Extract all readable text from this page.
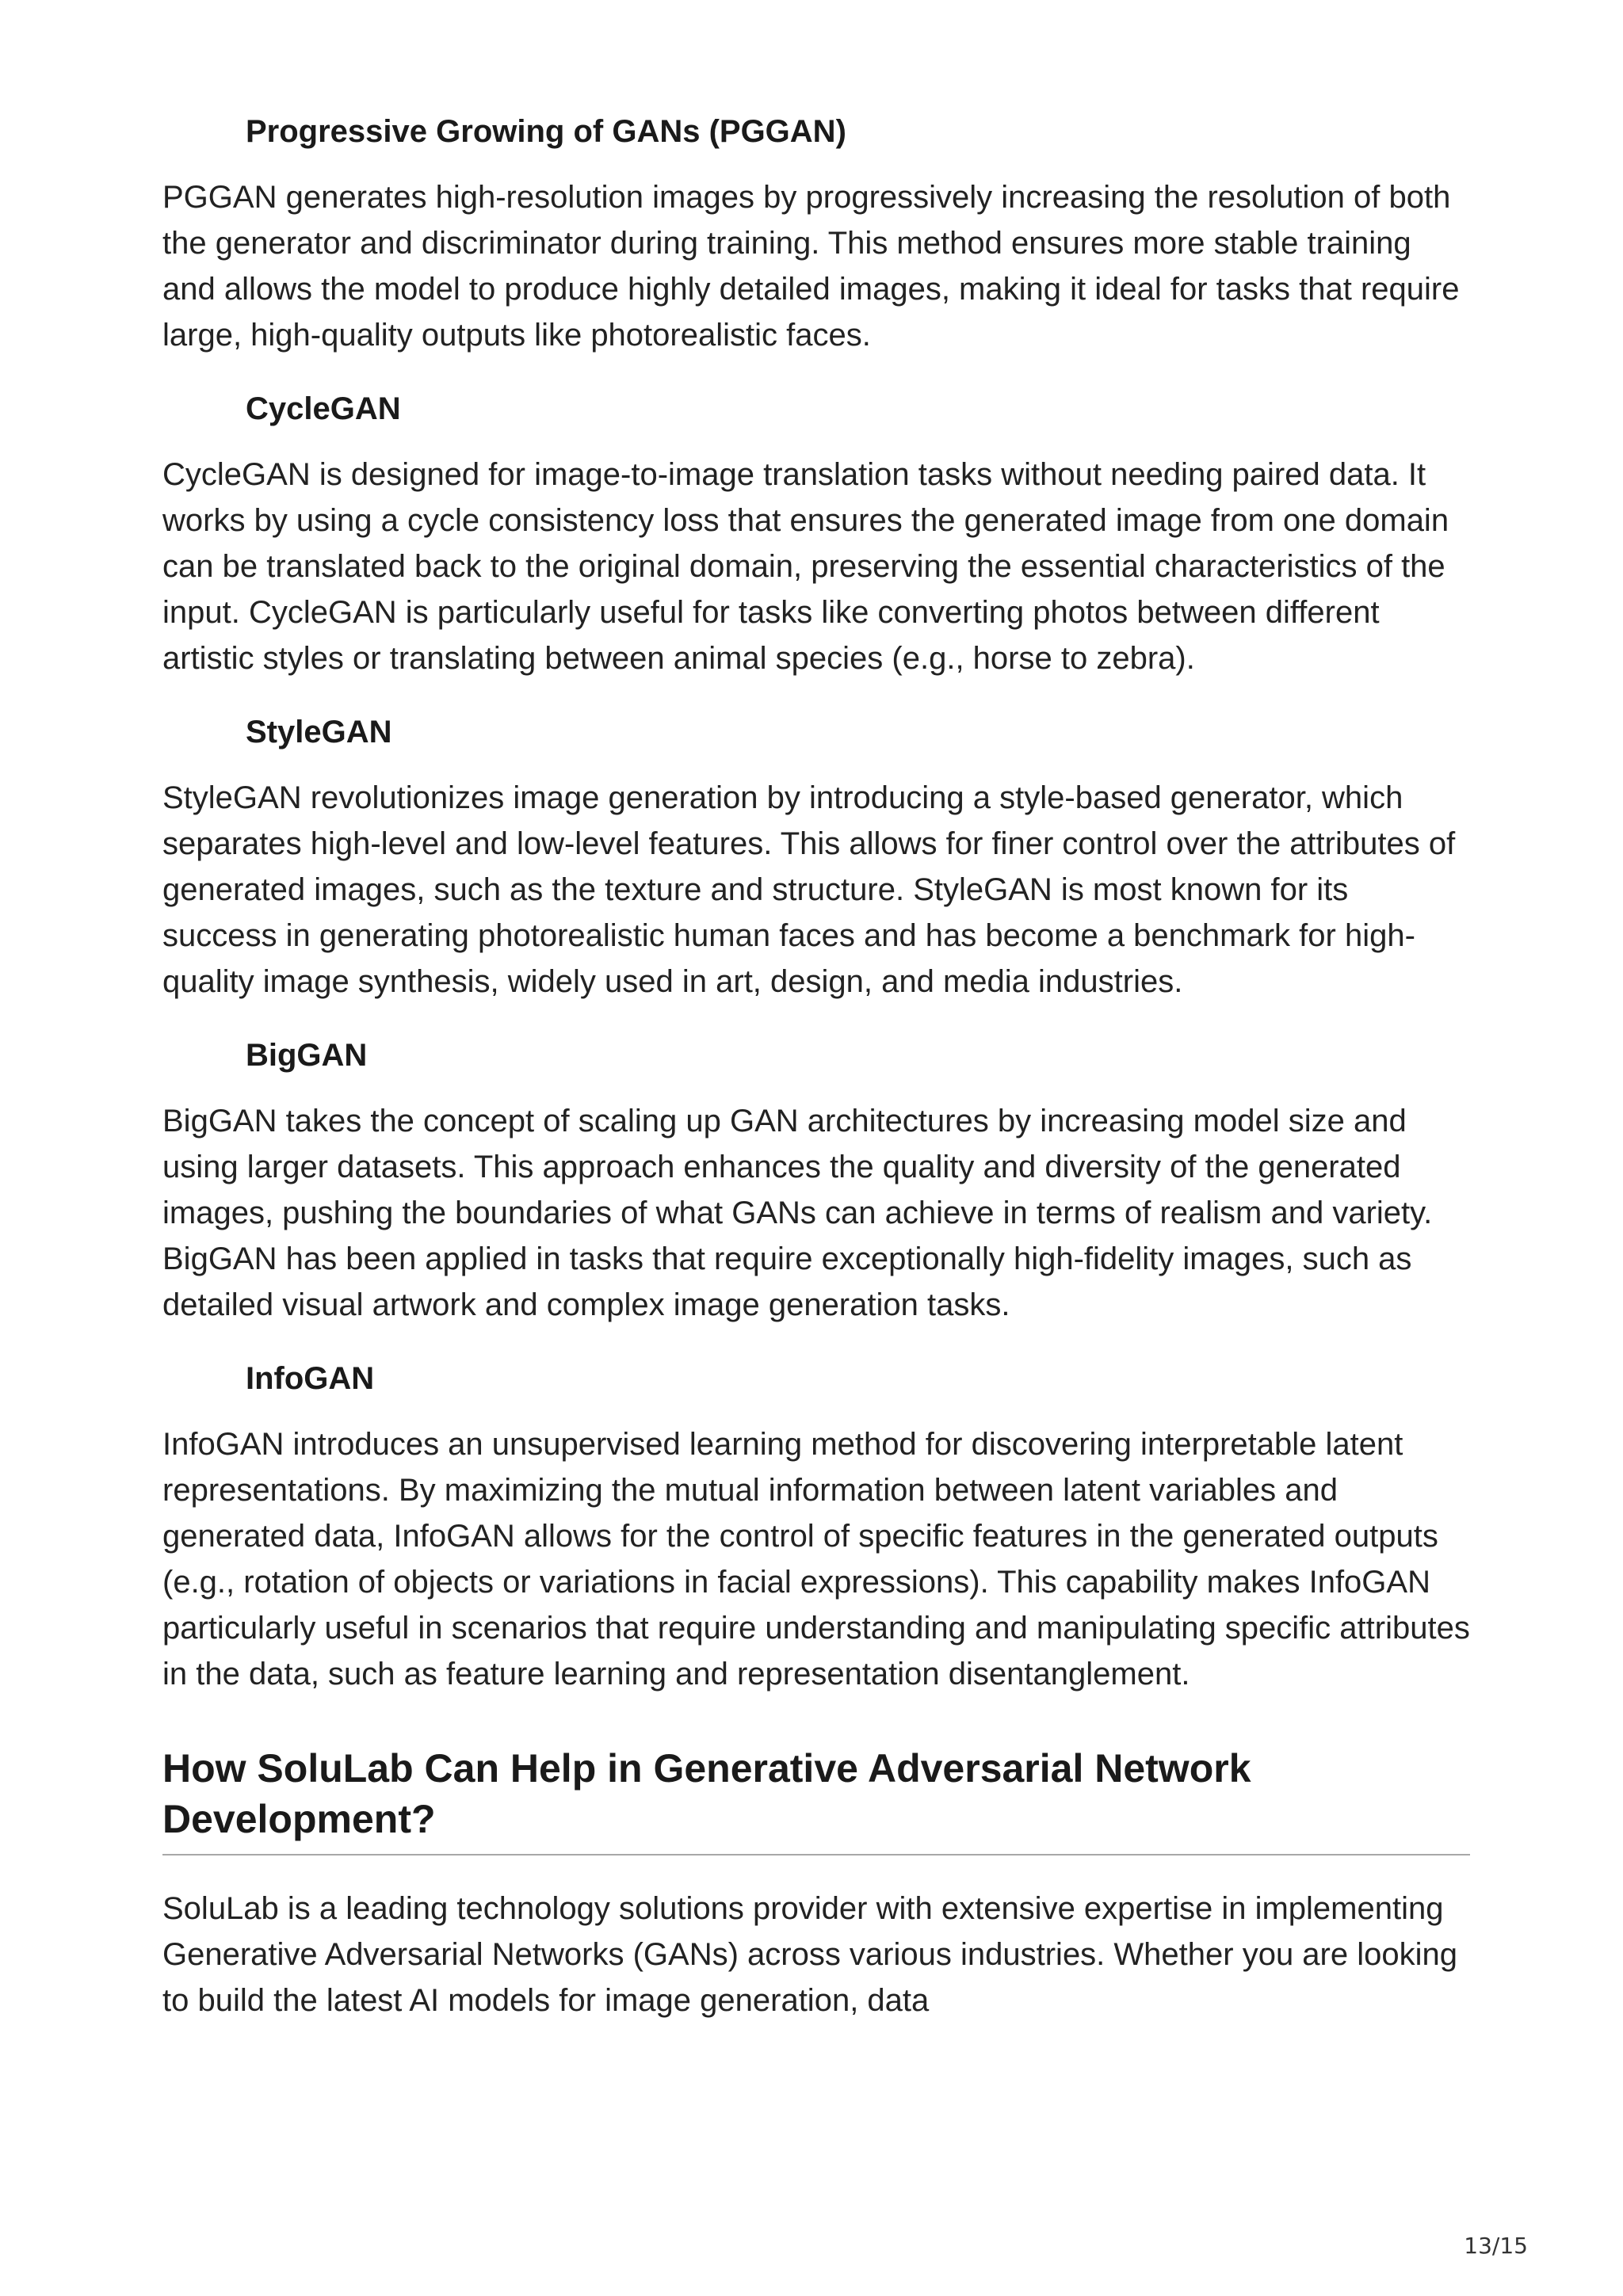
Progressive Growing of GANs (PGGAN)

PGGAN generates high-resolution images by progressively increasing the resolution of both the generator and discriminator during training. This method ensures more stable training and allows the model to produce highly detailed images, making it ideal for tasks that require large, high-quality outputs like photorealistic faces.

CycleGAN

CycleGAN is designed for image-to-image translation tasks without needing paired data. It works by using a cycle consistency loss that ensures the generated image from one domain can be translated back to the original domain, preserving the essential characteristics of the input. CycleGAN is particularly useful for tasks like converting photos between different artistic styles or translating between animal species (e.g., horse to zebra).

StyleGAN

StyleGAN revolutionizes image generation by introducing a style-based generator, which separates high-level and low-level features. This allows for finer control over the attributes of generated images, such as the texture and structure. StyleGAN is most known for its success in generating photorealistic human faces and has become a benchmark for high-quality image synthesis, widely used in art, design, and media industries.

BigGAN

BigGAN takes the concept of scaling up GAN architectures by increasing model size and using larger datasets. This approach enhances the quality and diversity of the generated images, pushing the boundaries of what GANs can achieve in terms of realism and variety. BigGAN has been applied in tasks that require exceptionally high-fidelity images, such as detailed visual artwork and complex image generation tasks.

InfoGAN

InfoGAN introduces an unsupervised learning method for discovering interpretable latent representations. By maximizing the mutual information between latent variables and generated data, InfoGAN allows for the control of specific features in the generated outputs (e.g., rotation of objects or variations in facial expressions). This capability makes InfoGAN particularly useful in scenarios that require understanding and manipulating specific attributes in the data, such as feature learning and representation disentanglement.

How SoluLab Can Help in Generative Adversarial Network Development?

SoluLab is a leading technology solutions provider with extensive expertise in implementing Generative Adversarial Networks (GANs) across various industries. Whether you are looking to build the latest AI models for image generation, data

13/15
